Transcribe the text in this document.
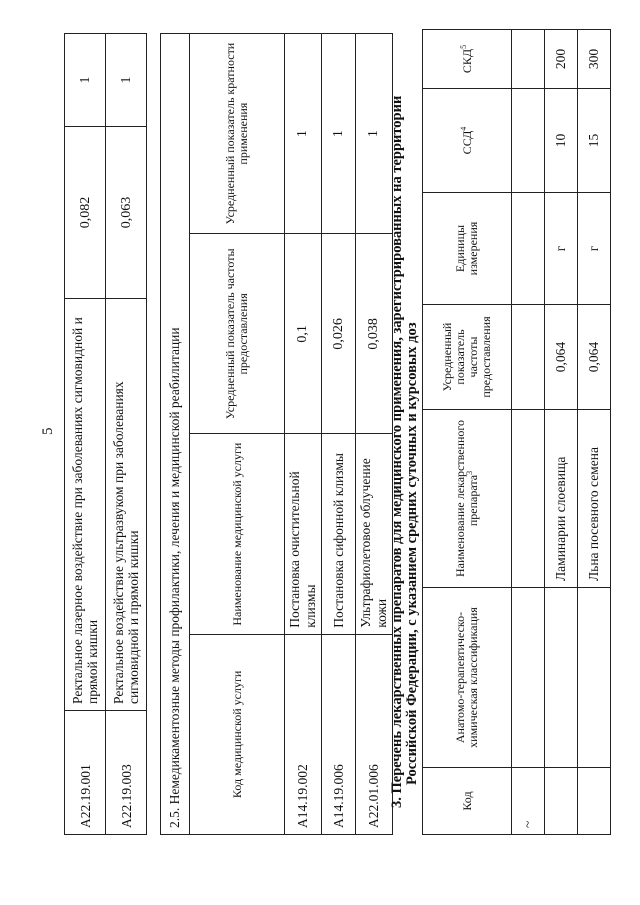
5
A22.19.001	Ректальное лазерное воздействие при заболеваниях сигмовидной и прямой кишки	0,082	1
A22.19.003	Ректальное воздействие ультразвуком при заболеваниях сигмовидной и прямой кишки	0,063	1
2.5. Немедикаментозные методы профилактики, лечения и медицинской реабилитации			
Код медицинской услуги	Наименование медицинской услуги	Усредненный показатель частоты предоставления	Усредненный показатель кратности применения
A14.19.002	Постановка очистительной клизмы	0,1	1
A14.19.006	Постановка сифонной клизмы	0,026	1
A22.01.006	Ультрафиолетовое облучение кожи	0,038	1 3. Перечень лекарственных препаратов для медицинского применения, зарегистрированных на территории Российской Федерации, с указанием средних суточных и курсовых доз
Код	Анатомо-терапевтическо-химическая классификация	Наименование лекарственного препарата$^3$	Усредненный показатель частоты предоставления	Единицы измерения	ССД$^4$	СКД$^5$
~						
		Ламинарии слоевища	0,064	г	10	200
		Льна посевного семена	0,064	г	15	300
